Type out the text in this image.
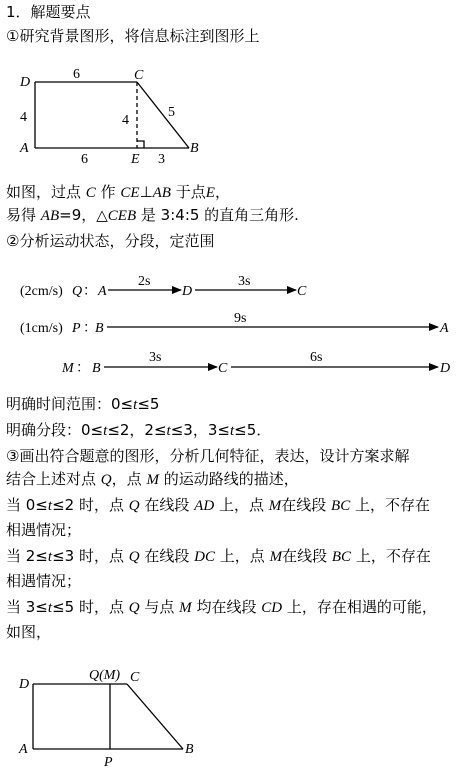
1．解题要点
①研究背景图形，将信息标注到图形上
D	C
A	B
E
6
4	4
5
6	3
如图，过点 C 作 CE⊥AB 于点E，
易得 AB=9，△CEB 是 3:4:5 的直角三角形.
②分析运动状态，分段，定范围
(2cm/s) Q ： A	D	C
2s	3s
(1cm/s) P ：
B	A
9s
M ： B	C	D
3s	6s
明确时间范围：0≤t≤5
明确分段：0≤t≤2，2≤t≤3，3≤t≤5．
③画出符合题意的图形，分析几何特征，表达，设计方案求解
结合上述对点 Q，点 M 的运动路线的描述，
当 0≤t≤2 时，点 Q 在线段 AD 上，点 M在线段 BC 上，不存在
相遇情况；
当 2≤t≤3 时，点 Q 在线段 DC 上，点 M在线段 BC 上，不存在
相遇情况；
当 3≤t≤5 时，点 Q 与点 M 均在线段 CD 上，存在相遇的可能，
如图，
D
Q(M) C
A
P
B
